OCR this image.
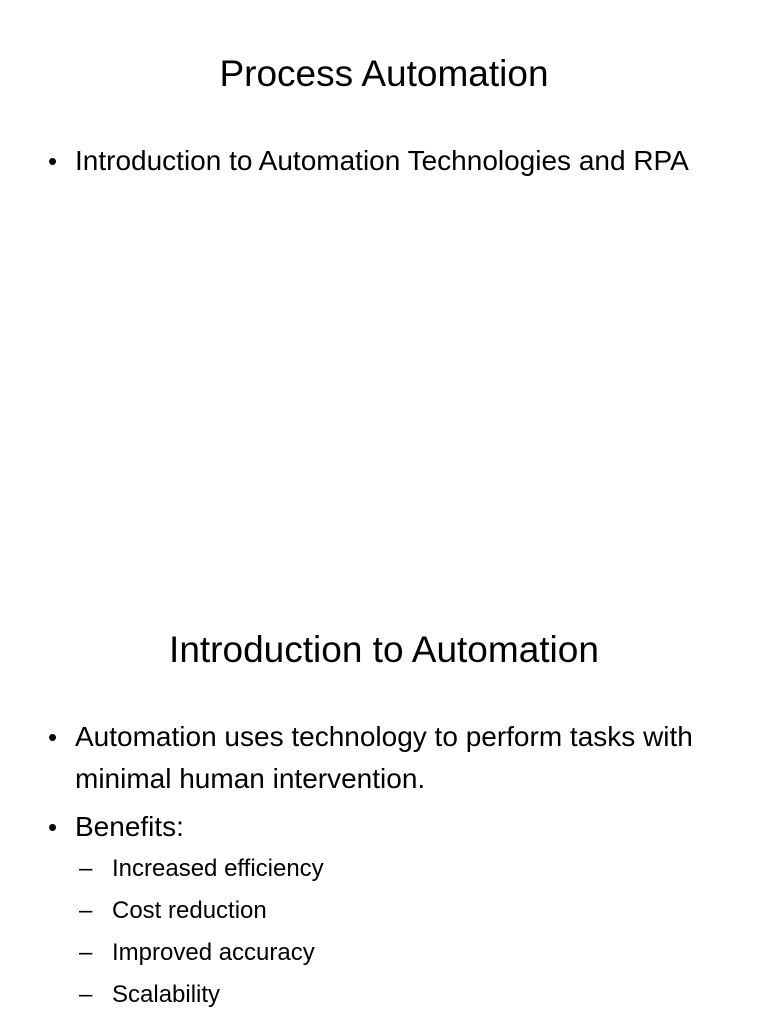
Process Automation
• Introduction to Automation Technologies and RPA
Introduction to Automation
• Automation uses technology to perform tasks with minimal human intervention.
• Benefits:
– Increased efficiency
– Cost reduction
– Improved accuracy
– Scalability
